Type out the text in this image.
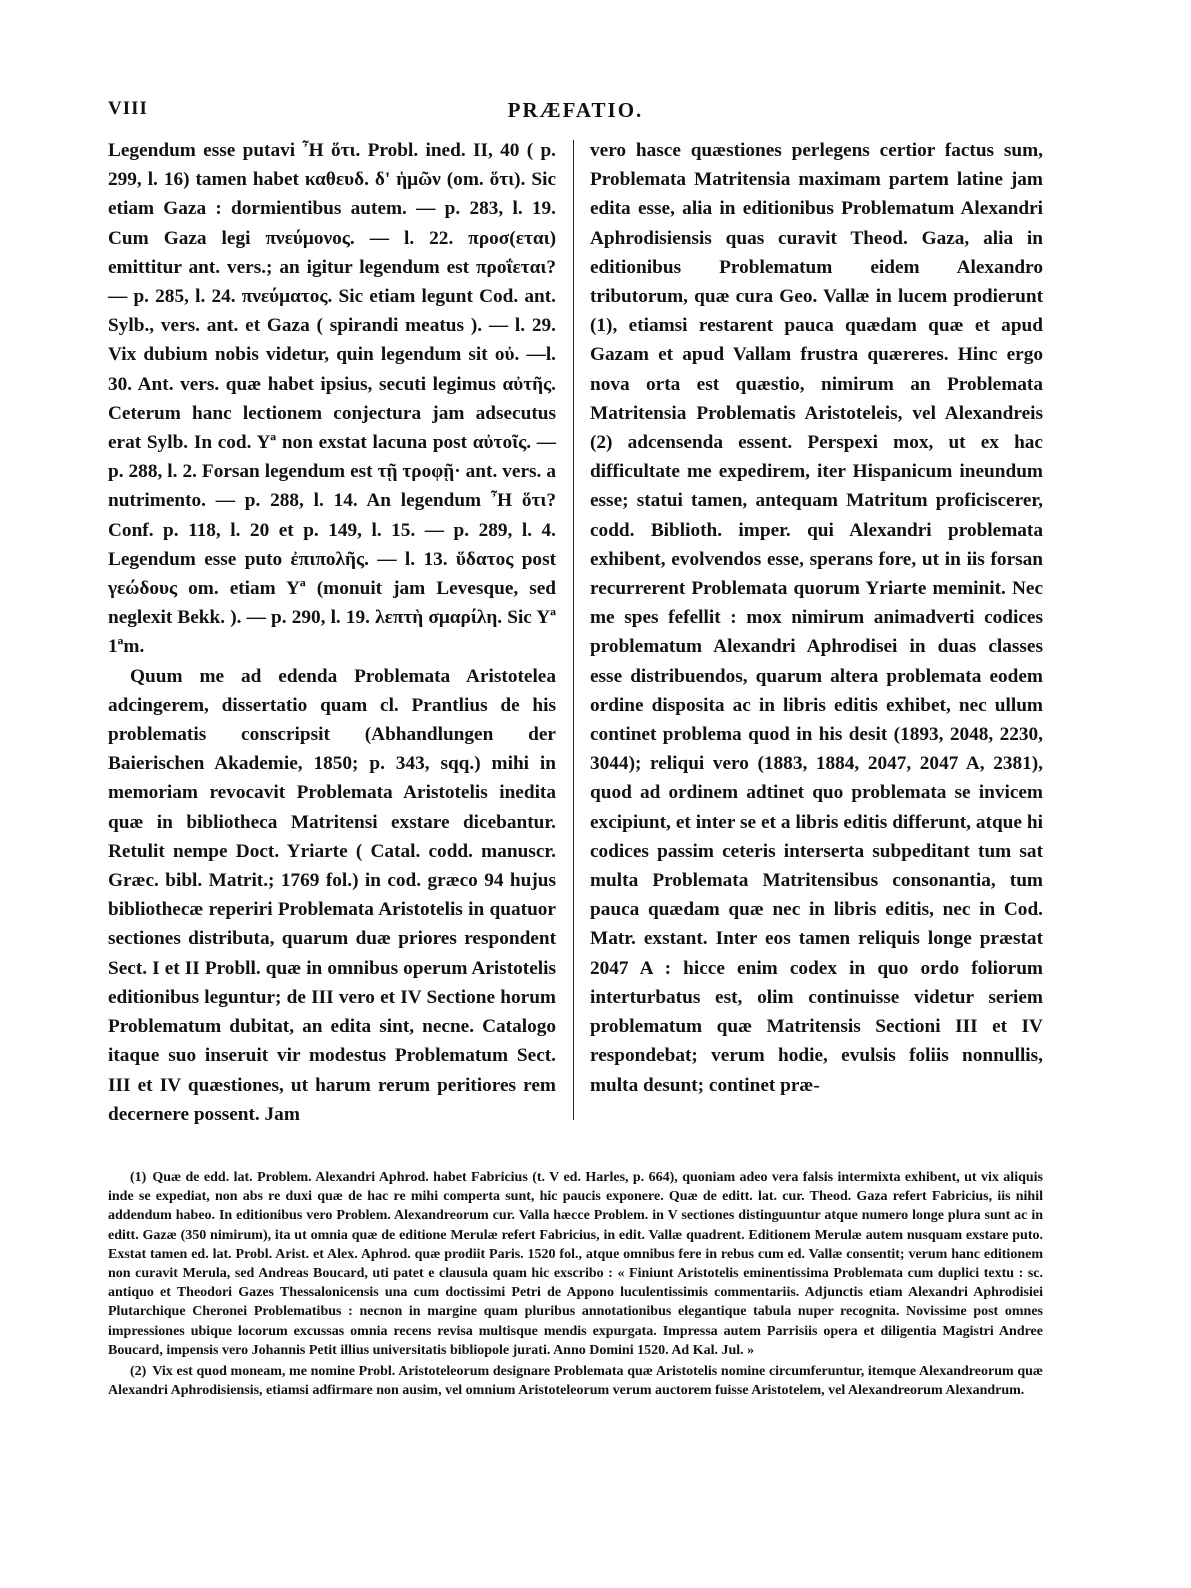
VIII	PRÆFATIO.

Legendum esse putavi Ἦ ὅτι. Probl. ined. II, 40 ( p. 299, l. 16) tamen habet καθευδ. δ' ἡμῶν (om. ὅτι). Sic etiam Gaza : dormientibus autem. — p. 283, l. 19. Cum Gaza legi πνεύμονος. — l. 22. προσ(εται) emittitur ant. vers.; an igitur legendum est προΐεται? — p. 285, l. 24. πνεύματος. Sic etiam legunt Cod. ant. Sylb., vers. ant. et Gaza ( spirandi meatus ). — l. 29. Vix dubium nobis videtur, quin legendum sit οὐ. —l. 30. Ant. vers. quæ habet ipsius, secuti legimus αὐτῆς. Ceterum hanc lectionem conjectura jam adsecutus erat Sylb. In cod. Yª non exstat lacuna post αὐτοῖς. — p. 288, l. 2. Forsan legendum est τῇ τροφῇ· ant. vers. a nutrimento. — p. 288, l. 14. An legendum Ἦ ὅτι? Conf. p. 118, l. 20 et p. 149, l. 15. — p. 289, l. 4. Legendum esse puto ἐπιπολῆς. — l. 13. ὕδατος post γεώδους om. etiam Yª (monuit jam Levesque, sed neglexit Bekk. ). — p. 290, l. 19. λεπτὴ σμαρίλη. Sic Yª 1ªm.

Quum me ad edenda Problemata Aristotelea adcingerem, dissertatio quam cl. Prantlius de his problematis conscripsit (Abhandlungen der Baierischen Akademie, 1850; p. 343, sqq.) mihi in memoriam revocavit Problemata Aristotelis inedita quæ in bibliotheca Matritensi exstare dicebantur. Retulit nempe Doct. Yriarte ( Catal. codd. manuscr. Græc. bibl. Matrit.; 1769 fol.) in cod. græco 94 hujus bibliothecæ reperiri Problemata Aristotelis in quatuor sectiones distributa, quarum duæ priores respondent Sect. I et II Probll. quæ in omnibus operum Aristotelis editionibus leguntur; de III vero et IV Sectione horum Problematum dubitat, an edita sint, necne. Catalogo itaque suo inseruit vir modestus Problematum Sect. III et IV quæstiones, ut harum rerum peritiores rem decernere possent. Jam

vero hasce quæstiones perlegens certior factus sum, Problemata Matritensia maximam partem latine jam edita esse, alia in editionibus Problematum Alexandri Aphrodisiensis quas curavit Theod. Gaza, alia in editionibus Problematum eidem Alexandro tributorum, quæ cura Geo. Vallæ in lucem prodierunt (1), etiamsi restarent pauca quædam quæ et apud Gazam et apud Vallam frustra quæreres. Hinc ergo nova orta est quæstio, nimirum an Problemata Matritensia Problematis Aristoteleis, vel Alexandreis (2) adcensenda essent. Perspexi mox, ut ex hac difficultate me expedirem, iter Hispanicum ineundum esse; statui tamen, antequam Matritum proficiscerer, codd. Biblioth. imper. qui Alexandri problemata exhibent, evolvendos esse, sperans fore, ut in iis forsan recurrerent Problemata quorum Yriarte meminit. Nec me spes fefellit : mox nimirum animadverti codices problematum Alexandri Aphrodisei in duas classes esse distribuendos, quarum altera problemata eodem ordine disposita ac in libris editis exhibet, nec ullum continet problema quod in his desit (1893, 2048, 2230, 3044); reliqui vero (1883, 1884, 2047, 2047 A, 2381), quod ad ordinem adtinet quo problemata se invicem excipiunt, et inter se et a libris editis differunt, atque hi codices passim ceteris interserta subpeditant tum sat multa Problemata Matritensibus consonantia, tum pauca quædam quæ nec in libris editis, nec in Cod. Matr. exstant. Inter eos tamen reliquis longe præstat 2047 A : hicce enim codex in quo ordo foliorum interturbatus est, olim continuisse videtur seriem problematum quæ Matritensis Sectioni III et IV respondebat; verum hodie, evulsis foliis nonnullis, multa desunt; continet præ-

(1) Quæ de edd. lat. Problem. Alexandri Aphrod. habet Fabricius (t. V ed. Harles, p. 664), quoniam adeo vera falsis intermixta exhibent, ut vix aliquis inde se expediat, non abs re duxi quæ de hac re mihi comperta sunt, hic paucis exponere. Quæ de editt. lat. cur. Theod. Gaza refert Fabricius, iis nihil addendum habeo. In editionibus vero Problem. Alexandreorum cur. Valla hæcce Problem. in V sectiones distinguuntur atque numero longe plura sunt ac in editt. Gazæ (350 nimirum), ita ut omnia quæ de editione Merulæ refert Fabricius, in edit. Vallæ quadrent. Editionem Merulæ autem nusquam exstare puto. Exstat tamen ed. lat. Probl. Arist. et Alex. Aphrod. quæ prodiit Paris. 1520 fol., atque omnibus fere in rebus cum ed. Vallæ consentit; verum hanc editionem non curavit Merula, sed Andreas Boucard, uti patet e clausula quam hic exscribo : « Finiunt Aristotelis eminentissima Problemata cum duplici textu : sc. antiquo et Theodori Gazes Thessalonicensis una cum doctissimi Petri de Appono luculentissimis commentariis. Adjunctis etiam Alexandri Aphrodisiei Plutarchique Cheronei Problematibus : necnon in margine quam pluribus annotationibus elegantique tabula nuper recognita. Novissime post omnes impressiones ubique locorum excussas omnia recens revisa multisque mendis expurgata. Impressa autem Parrisiis opera et diligentia Magistri Andree Boucard, impensis vero Johannis Petit illius universitatis bibliopole jurati. Anno Domini 1520. Ad Kal. Jul. »

(2) Vix est quod moneam, me nomine Probl. Aristoteleorum designare Problemata quæ Aristotelis nomine circumferuntur, itemque Alexandreorum quæ Alexandri Aphrodisiensis, etiamsi adfirmare non ausim, vel omnium Aristoteleorum verum auctorem fuisse Aristotelem, vel Alexandreorum Alexandrum.
